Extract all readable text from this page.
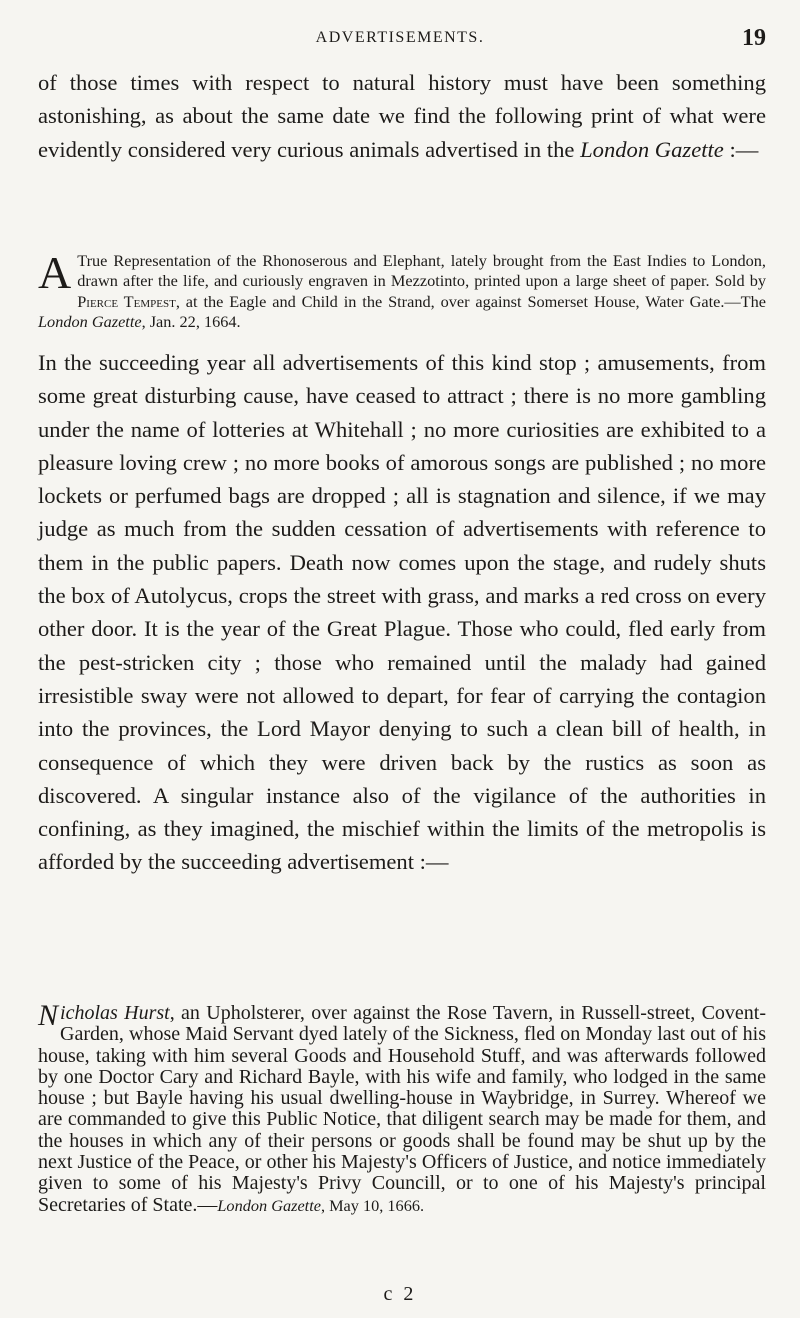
ADVERTISEMENTS.	19

of those times with respect to natural history must have been something astonishing, as about the same date we find the following print of what were evidently considered very curious animals advertised in the London Gazette :—

A True Representation of the Rhonoserous and Elephant, lately brought from the East Indies to London, drawn after the life, and curiously engraven in Mezzotinto, printed upon a large sheet of paper. Sold by Pierce Tempest, at the Eagle and Child in the Strand, over against Somerset House, Water Gate.—The London Gazette, Jan. 22, 1664.

In the succeeding year all advertisements of this kind stop ; amusements, from some great disturbing cause, have ceased to attract ; there is no more gambling under the name of lotteries at Whitehall ; no more curiosities are exhibited to a pleasure loving crew ; no more books of amorous songs are published ; no more lockets or perfumed bags are dropped ; all is stagnation and silence, if we may judge as much from the sudden cessation of advertisements with reference to them in the public papers. Death now comes upon the stage, and rudely shuts the box of Autolycus, crops the street with grass, and marks a red cross on every other door. It is the year of the Great Plague. Those who could, fled early from the pest-stricken city ; those who remained until the malady had gained irresistible sway were not allowed to depart, for fear of carrying the contagion into the provinces, the Lord Mayor denying to such a clean bill of health, in consequence of which they were driven back by the rustics as soon as discovered. A singular instance also of the vigilance of the authorities in confining, as they imagined, the mischief within the limits of the metropolis is afforded by the succeeding advertisement :—

Nicholas Hurst, an Upholsterer, over against the Rose Tavern, in Russell-street, Covent-Garden, whose Maid Servant dyed lately of the Sickness, fled on Monday last out of his house, taking with him several Goods and Household Stuff, and was afterwards followed by one Doctor Cary and Richard Bayle, with his wife and family, who lodged in the same house ; but Bayle having his usual dwelling-house in Waybridge, in Surrey. Whereof we are commanded to give this Public Notice, that diligent search may be made for them, and the houses in which any of their persons or goods shall be found may be shut up by the next Justice of the Peace, or other his Majesty's Officers of Justice, and notice immediately given to some of his Majesty's Privy Councill, or to one of his Majesty's principal Secretaries of State.—London Gazette, May 10, 1666.

c 2
